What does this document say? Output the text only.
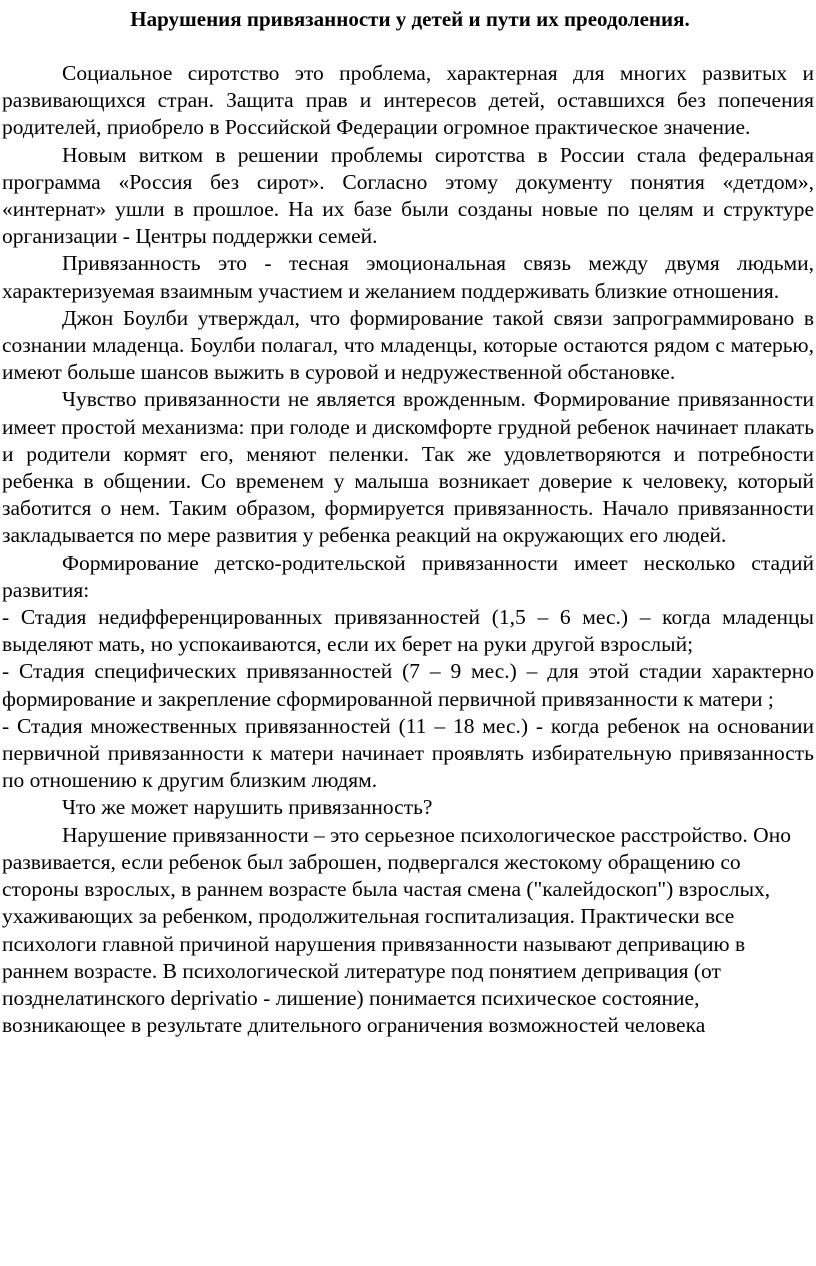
Нарушения привязанности у детей и пути их преодоления.

Социальное сиротство это проблема, характерная для многих развитых и развивающихся стран. Защита прав и интересов детей, оставшихся без попечения родителей, приобрело в Российской Федерации огромное практическое значение.

Новым витком в решении проблемы сиротства в России стала федеральная программа «Россия без сирот». Согласно этому документу понятия «детдом», «интернат» ушли в прошлое. На их базе были созданы новые по целям и структуре организации - Центры поддержки семей.

Привязанность это - тесная эмоциональная связь между двумя людьми, характеризуемая взаимным участием и желанием поддерживать близкие отношения.

Джон Боулби утверждал, что формирование такой связи запрограммировано в сознании младенца. Боулби полагал, что младенцы, которые остаются рядом с матерью, имеют больше шансов выжить в суровой и недружественной обстановке.

Чувство привязанности не является врожденным. Формирование привязанности имеет простой механизма: при голоде и дискомфорте грудной ребенок начинает плакать и родители кормят его, меняют пеленки. Так же удовлетворяются и потребности ребенка в общении. Со временем у малыша возникает доверие к человеку, который заботится о нем. Таким образом, формируется привязанность. Начало привязанности закладывается по мере развития у ребенка реакций на окружающих его людей.

Формирование детско-родительской привязанности имеет несколько стадий развития:

- Стадия недифференцированных привязанностей (1,5 – 6 мес.) – когда младенцы выделяют мать, но успокаиваются, если их берет на руки другой взрослый;

- Стадия специфических привязанностей (7 – 9 мес.) – для этой стадии характерно формирование и закрепление сформированной первичной привязанности к матери ;

- Стадия множественных привязанностей (11 – 18 мес.) - когда ребенок на основании первичной привязанности к матери начинает проявлять избирательную привязанность по отношению к другим близким людям.

Что же может нарушить привязанность?

Нарушение привязанности – это серьезное психологическое расстройство. Оно развивается, если ребенок был заброшен, подвергался жестокому обращению со стороны взрослых, в раннем возрасте была частая смена ("калейдоскоп") взрослых, ухаживающих за ребенком, продолжительная госпитализация. Практически все психологи главной причиной нарушения привязанности называют депривацию в раннем возрасте. В психологической литературе под понятием депривация (от позднелатинского deprivatio - лишение) понимается психическое состояние, возникающее в результате длительного ограничения возможностей человека
